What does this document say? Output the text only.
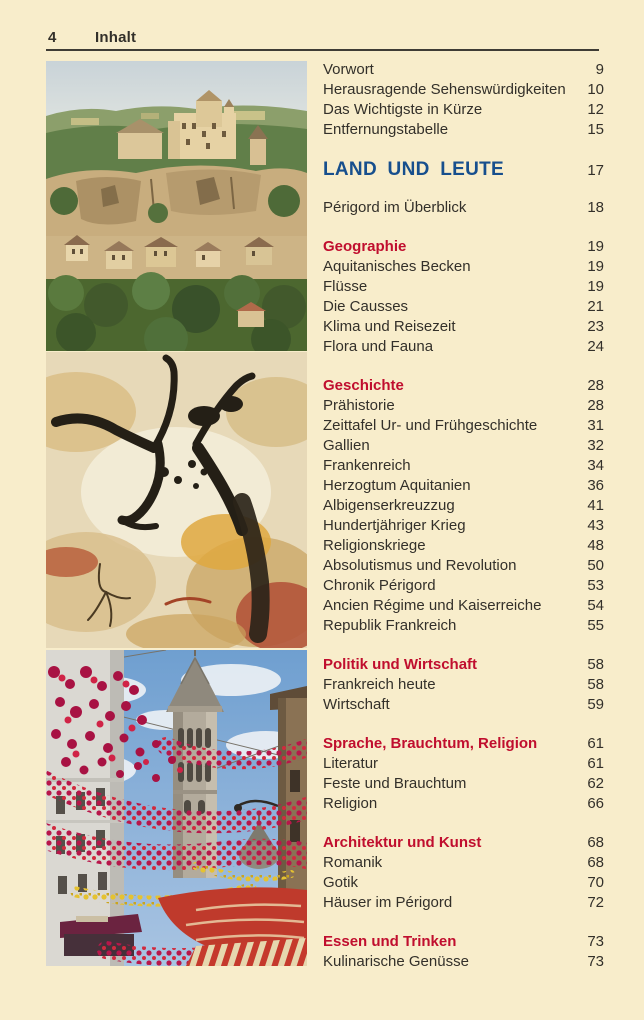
4	Inhalt
Vorwort	9
Herausragende Sehenswürdigkeiten	10
Das Wichtigste in Kürze	12
Entfernungstabelle	15
LAND UND LEUTE	17
Périgord im Überblick	18
Geographie	19
Aquitanisches Becken	19
Flüsse	19
Die Causses	21
Klima und Reisezeit	23
Flora und Fauna	24
Geschichte	28
Prähistorie	28
Zeittafel Ur- und Frühgeschichte	31
Gallien	32
Frankenreich	34
Herzogtum Aquitanien	36
Albigenserkreuzzug	41
Hundertjähriger Krieg	43
Religionskriege	48
Absolutismus und Revolution	50
Chronik Périgord	53
Ancien Régime und Kaiserreiche	54
Republik Frankreich	55
Politik und Wirtschaft	58
Frankreich heute	58
Wirtschaft	59
Sprache, Brauchtum, Religion	61
Literatur	61
Feste und Brauchtum	62
Religion	66
Architektur und Kunst	68
Romanik	68
Gotik	70
Häuser im Périgord	72
Essen und Trinken	73
Kulinarische Genüsse	73
